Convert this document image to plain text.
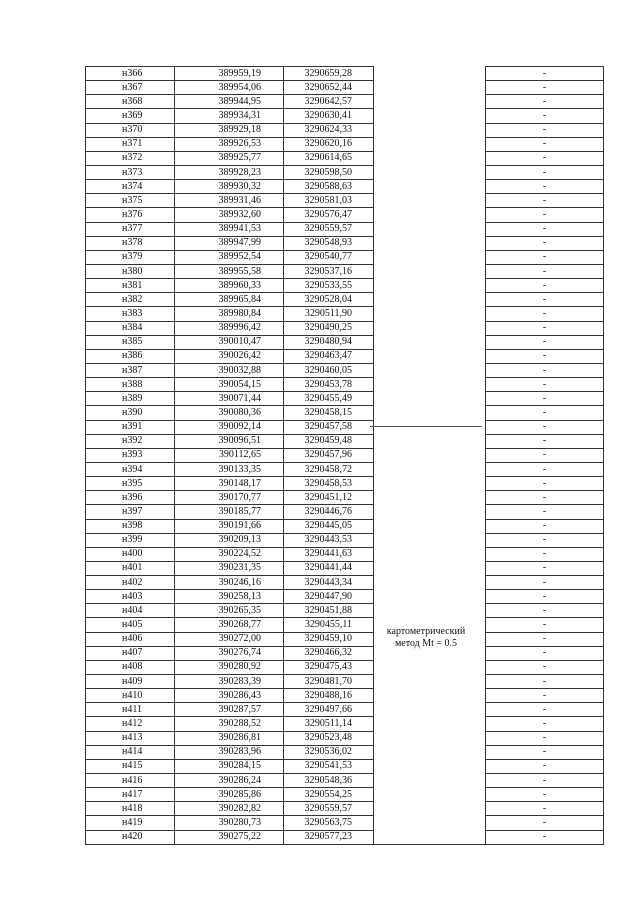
н366	389959,19	3290659,28		-
н367	389954,06	3290652,44		-
н368	389944,95	3290642,57		-
н369	389934,31	3290630,41		-
н370	389929,18	3290624,33		-
н371	389926,53	3290620,16		-
н372	389925,77	3290614,65		-
н373	389928,23	3290598,50		-
н374	389930,32	3290588,63		-
н375	389931,46	3290581,03		-
н376	389932,60	3290576,47		-
н377	389941,53	3290559,57		-
н378	389947,99	3290548,93		-
н379	389952,54	3290540,77		-
н380	389955,58	3290537,16		-
н381	389960,33	3290533,55		-
н382	389965,84	3290528,04		-
н383	389980,84	3290511,90		-
н384	389996,42	3290490,25		-
н385	390010,47	3290480,94		-
н386	390026,42	3290463,47		-
н387	390032,88	3290460,05		-
н388	390054,15	3290453,78		-
н389	390071,44	3290455,49		-
н390	390080,36	3290458,15		-
н391	390092,14	3290457,58		-
н392	390096,51	3290459,48		-
н393	390112,65	3290457,96		-
н394	390133,35	3290458,72		-
н395	390148,17	3290458,53		-
н396	390170,77	3290451,12		-
н397	390185,77	3290446,76		-
н398	390191,66	3290445,05		-
н399	390209,13	3290443,53		-
н400	390224,52	3290441,63		-
н401	390231,35	3290441,44		-
н402	390246,16	3290443,34		-
н403	390258,13	3290447,90		-
н404	390265,35	3290451,88		-
н405	390268,77	3290455,11		-
н406	390272,00	3290459,10		-
н407	390276,74	3290466,32		-
н408	390280,92	3290475,43		-
н409	390283,39	3290481,70		-
н410	390286,43	3290488,16		-
н411	390287,57	3290497,66		-
н412	390288,52	3290511,14		-
н413	390286,81	3290523,48		-
н414	390283,96	3290536,02		-
н415	390284,15	3290541,53		-
н416	390286,24	3290548,36		-
н417	390285,86	3290554,25		-
н418	390282,82	3290559,57		-
н419	390280,73	3290563,75		-
н420	390275,22	3290577,23		-
картометрический
метод Mt = 0.5
